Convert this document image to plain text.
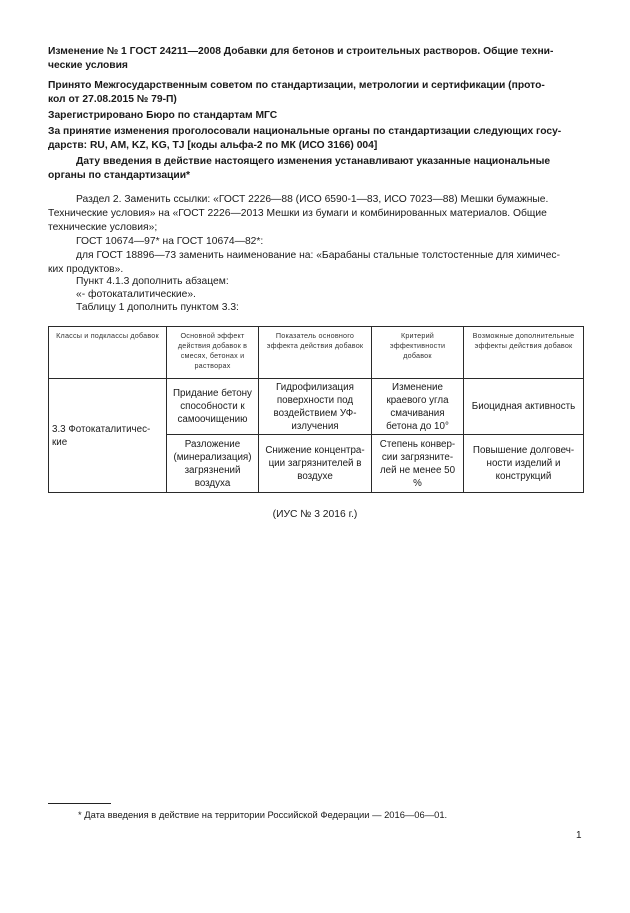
Изменение № 1 ГОСТ 24211—2008 Добавки для бетонов и строительных растворов. Общие техни-
ческие условия
Принято Межгосударственным советом по стандартизации, метрологии и сертификации (прото-
кол от 27.08.2015 № 79-П)
Зарегистрировано Бюро по стандартам МГС
За принятие изменения проголосовали национальные органы по стандартизации следующих госу-
дарств: RU, AM, KZ, KG, TJ [коды альфа-2 по МК (ИСО 3166) 004]
Дату введения в действие настоящего изменения устанавливают указанные национальные
органы по стандартизации*
Раздел 2. Заменить ссылки: «ГОСТ 2226—88 (ИСО 6590-1—83, ИСО 7023—88) Мешки бумажные.
Технические условия» на «ГОСТ 2226—2013 Мешки из бумаги и комбинированных материалов. Общие
технические условия»;
ГОСТ 10674—97* на ГОСТ 10674—82*:
для ГОСТ 18896—73 заменить наименование на: «Барабаны стальные толстостенные для химичес-
ких продуктов».
Пункт 4.1.3 дополнить абзацем:
«- фотокаталитические».
Таблицу 1 дополнить пунктом 3.3:
Классы и подклассы добавок	Основной эффект действия добавок в смесях, бетонах и растворах	Показатель основного эффекта действия добавок	Критерий эффективности добавок	Возможные дополнительные эффекты действия добавок
3.3 Фотокаталитичес-кие	Придание бетону способности к самоочищению	Гидрофилизация поверхности под воздействием УФ-излучения	Изменение краевого угла смачивания бетона до 10°	Биоцидная активность
	Разложение (минерализация) загрязнений воздуха	Снижение концентра-ции загрязнителей в воздухе	Степень конвер-сии загрязните-лей не менее 50 %	Повышение долговеч-ности изделий и конструкций
(ИУС № 3 2016 г.)
* Дата введения в действие на территории Российской Федерации — 2016—06—01.
1
